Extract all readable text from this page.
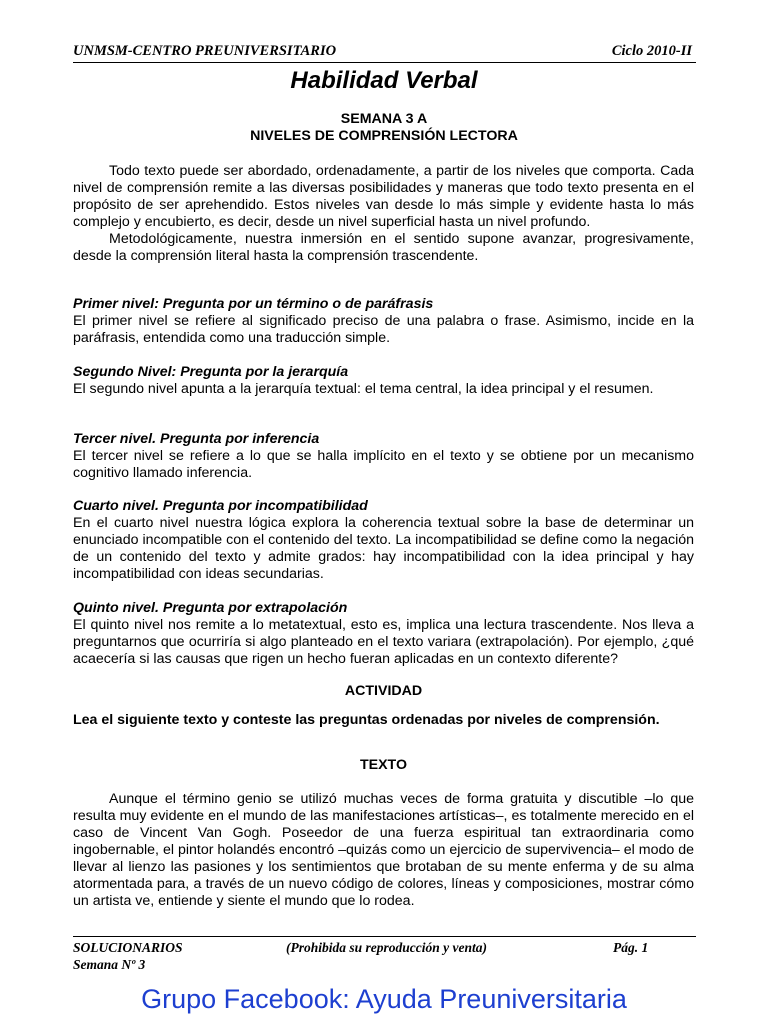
UNMSM-CENTRO PREUNIVERSITARIO	Ciclo 2010-II
Habilidad Verbal
SEMANA 3 A
NIVELES DE COMPRENSIÓN LECTORA

Todo texto puede ser abordado, ordenadamente, a partir de los niveles que comporta. Cada nivel de comprensión remite a las diversas posibilidades y maneras que todo texto presenta en el propósito de ser aprehendido. Estos niveles van desde lo más simple y evidente hasta lo más complejo y encubierto, es decir, desde un nivel superficial hasta un nivel profundo.

Metodológicamente, nuestra inmersión en el sentido supone avanzar, progresivamente, desde la comprensión literal hasta la comprensión trascendente.

Primer nivel: Pregunta por un término o de paráfrasis

El primer nivel se refiere al significado preciso de una palabra o frase. Asimismo, incide en la paráfrasis, entendida como una traducción simple.

Segundo Nivel: Pregunta por la jerarquía

El segundo nivel apunta a la jerarquía textual: el tema central, la idea principal y el resumen.

Tercer nivel. Pregunta por inferencia

El tercer nivel se refiere a lo que se halla implícito en el texto y se obtiene por un mecanismo cognitivo llamado inferencia.

Cuarto nivel. Pregunta por incompatibilidad

En el cuarto nivel nuestra lógica explora la coherencia textual sobre la base de determinar un enunciado incompatible con el contenido del texto. La incompatibilidad se define como la negación de un contenido del texto y admite grados: hay incompatibilidad con la idea principal y hay incompatibilidad con ideas secundarias.

Quinto nivel. Pregunta por extrapolación

El quinto nivel nos remite a lo metatextual, esto es, implica una lectura trascendente. Nos lleva a preguntarnos que ocurriría si algo planteado en el texto variara (extrapolación). Por ejemplo, ¿qué acaecería si las causas que rigen un hecho fueran aplicadas en un contexto diferente?

ACTIVIDAD
Lea el siguiente texto y conteste las preguntas ordenadas por niveles de comprensión.
TEXTO

Aunque el término genio se utilizó muchas veces de forma gratuita y discutible –lo que resulta muy evidente en el mundo de las manifestaciones artísticas–, es totalmente merecido en el caso de Vincent Van Gogh. Poseedor de una fuerza espiritual tan extraordinaria como ingobernable, el pintor holandés encontró –quizás como un ejercicio de supervivencia– el modo de llevar al lienzo las pasiones y los sentimientos que brotaban de su mente enferma y de su alma atormentada para, a través de un nuevo código de colores, líneas y composiciones, mostrar cómo un artista ve, entiende y siente el mundo que lo rodea.

SOLUCIONARIOS	(Prohibida su reproducción y venta)	Pág. 1
Semana Nº 3
Grupo Facebook: Ayuda Preuniversitaria
